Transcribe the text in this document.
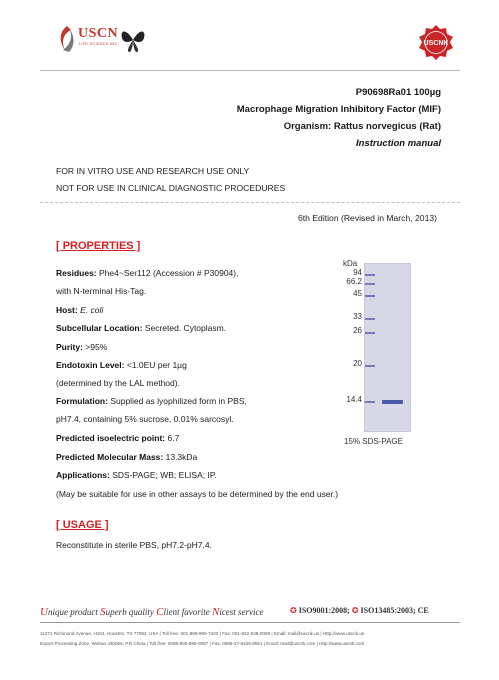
USCN
LIFE SCIENCE INC.	USCNK
P90698Ra01 100µg
Macrophage Migration Inhibitory Factor (MIF)
Organism: Rattus norvegicus (Rat)
Instruction manual
FOR IN VITRO USE AND RESEARCH USE ONLY
NOT FOR USE IN CLINICAL DIAGNOSTIC PROCEDURES
6th Edition (Revised in March, 2013)
[ PROPERTIES ]
Residues: Phe4~Ser112 (Accession # P30904),
with N-terminal His-Tag.
Host: E. coli
Subcellular Location: Secreted. Cytoplasm.
Purity: >95%
Endotoxin Level: <1.0EU per 1µg
(determined by the LAL method).
Formulation: Supplied as lyophilized form in PBS,
pH7.4, containing 5% sucrose, 0.01% sarcosyl.
Predicted isoelectric point: 6.7
Predicted Molecular Mass: 13.3kDa
Applications: SDS-PAGE; WB; ELISA; IP.
(May be suitable for use in other assays to be determined by the end user.)
kDa
94
66.2
45
33
26
20
14.4
15% SDS-PAGE
[ USAGE ]
Reconstitute in sterile PBS, pH7.2-pH7.4.
Unique product Superb quality Client favorite Nicest service	✪ ISO9001:2008; ✪ ISO13485:2003; CE
11271 Richmond Avenue, H104, Houston, TX 77082, USA | Toll free: 001-888-960-7402 | Fax: 001-832-538-0088 | Email: mail@uscnk.us | Http://www.uscnk.us
Export Processing Zone, Wuhan 430056, P.R.China | Toll free: 0086-800-880-0087 | Fax: 0086-27-8425-9551 | Email: mail@uscnk.com | Http://www.uscnk.com
